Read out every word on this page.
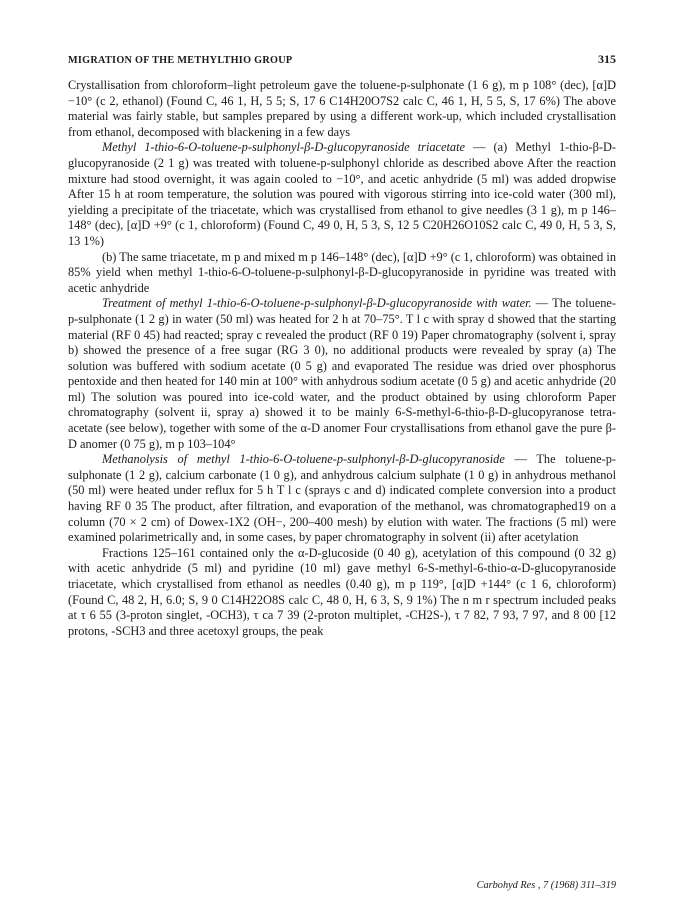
MIGRATION OF THE METHYLTHIO GROUP	315

Crystallisation from chloroform–light petroleum gave the toluene-p-sulphonate (1 6 g), m p 108° (dec), [α]D −10° (c 2, ethanol) (Found C, 46 1, H, 5 5; S, 17 6 C14H20O7S2 calc C, 46 1, H, 5 5, S, 17 6%) The above material was fairly stable, but samples prepared by using a different work-up, which included crystallisation from ethanol, decomposed with blackening in a few days

Methyl 1-thio-6-O-toluene-p-sulphonyl-β-D-glucopyranoside triacetate — (a) Methyl 1-thio-β-D-glucopyranoside (2 1 g) was treated with toluene-p-sulphonyl chloride as described above After the reaction mixture had stood overnight, it was again cooled to −10°, and acetic anhydride (5 ml) was added dropwise After 15 h at room temperature, the solution was poured with vigorous stirring into ice-cold water (300 ml), yielding a precipitate of the triacetate, which was crystallised from ethanol to give needles (3 1 g), m p 146–148° (dec), [α]D +9° (c 1, chloroform) (Found C, 49 0, H, 5 3, S, 12 5 C20H26O10S2 calc C, 49 0, H, 5 3, S, 13 1%)

(b) The same triacetate, m p and mixed m p 146–148° (dec), [α]D +9° (c 1, chloroform) was obtained in 85% yield when methyl 1-thio-6-O-toluene-p-sulphonyl-β-D-glucopyranoside in pyridine was treated with acetic anhydride

Treatment of methyl 1-thio-6-O-toluene-p-sulphonyl-β-D-glucopyranoside with water. — The toluene-p-sulphonate (1 2 g) in water (50 ml) was heated for 2 h at 70–75°. T l c with spray d showed that the starting material (RF 0 45) had reacted; spray c revealed the product (RF 0 19) Paper chromatography (solvent i, spray b) showed the presence of a free sugar (RG 3 0), no additional products were revealed by spray (a) The solution was buffered with sodium acetate (0 5 g) and evaporated The residue was dried over phosphorus pentoxide and then heated for 140 min at 100° with anhydrous sodium acetate (0 5 g) and acetic anhydride (20 ml) The solution was poured into ice-cold water, and the product obtained by using chloroform Paper chromatography (solvent ii, spray a) showed it to be mainly 6-S-methyl-6-thio-β-D-glucopyranose tetra-acetate (see below), together with some of the α-D anomer Four crystallisations from ethanol gave the pure β-D anomer (0 75 g), m p 103–104°

Methanolysis of methyl 1-thio-6-O-toluene-p-sulphonyl-β-D-glucopyranoside — The toluene-p-sulphonate (1 2 g), calcium carbonate (1 0 g), and anhydrous calcium sulphate (1 0 g) in anhydrous methanol (50 ml) were heated under reflux for 5 h T l c (sprays c and d) indicated complete conversion into a product having RF 0 35 The product, after filtration, and evaporation of the methanol, was chromatographed19 on a column (70 × 2 cm) of Dowex-1X2 (OH−, 200–400 mesh) by elution with water. The fractions (5 ml) were examined polarimetrically and, in some cases, by paper chromatography in solvent (ii) after acetylation

Fractions 125–161 contained only the α-D-glucoside (0 40 g), acetylation of this compound (0 32 g) with acetic anhydride (5 ml) and pyridine (10 ml) gave methyl 6-S-methyl-6-thio-α-D-glucopyranoside triacetate, which crystallised from ethanol as needles (0.40 g), m p 119°, [α]D +144° (c 1 6, chloroform) (Found C, 48 2, H, 6.0; S, 9 0 C14H22O8S calc C, 48 0, H, 6 3, S, 9 1%) The n m r spectrum included peaks at τ 6 55 (3-proton singlet, -OCH3), τ ca 7 39 (2-proton multiplet, -CH2S-), τ 7 82, 7 93, 7 97, and 8 00 [12 protons, -SCH3 and three acetoxyl groups, the peak

Carbohyd Res , 7 (1968) 311–319
